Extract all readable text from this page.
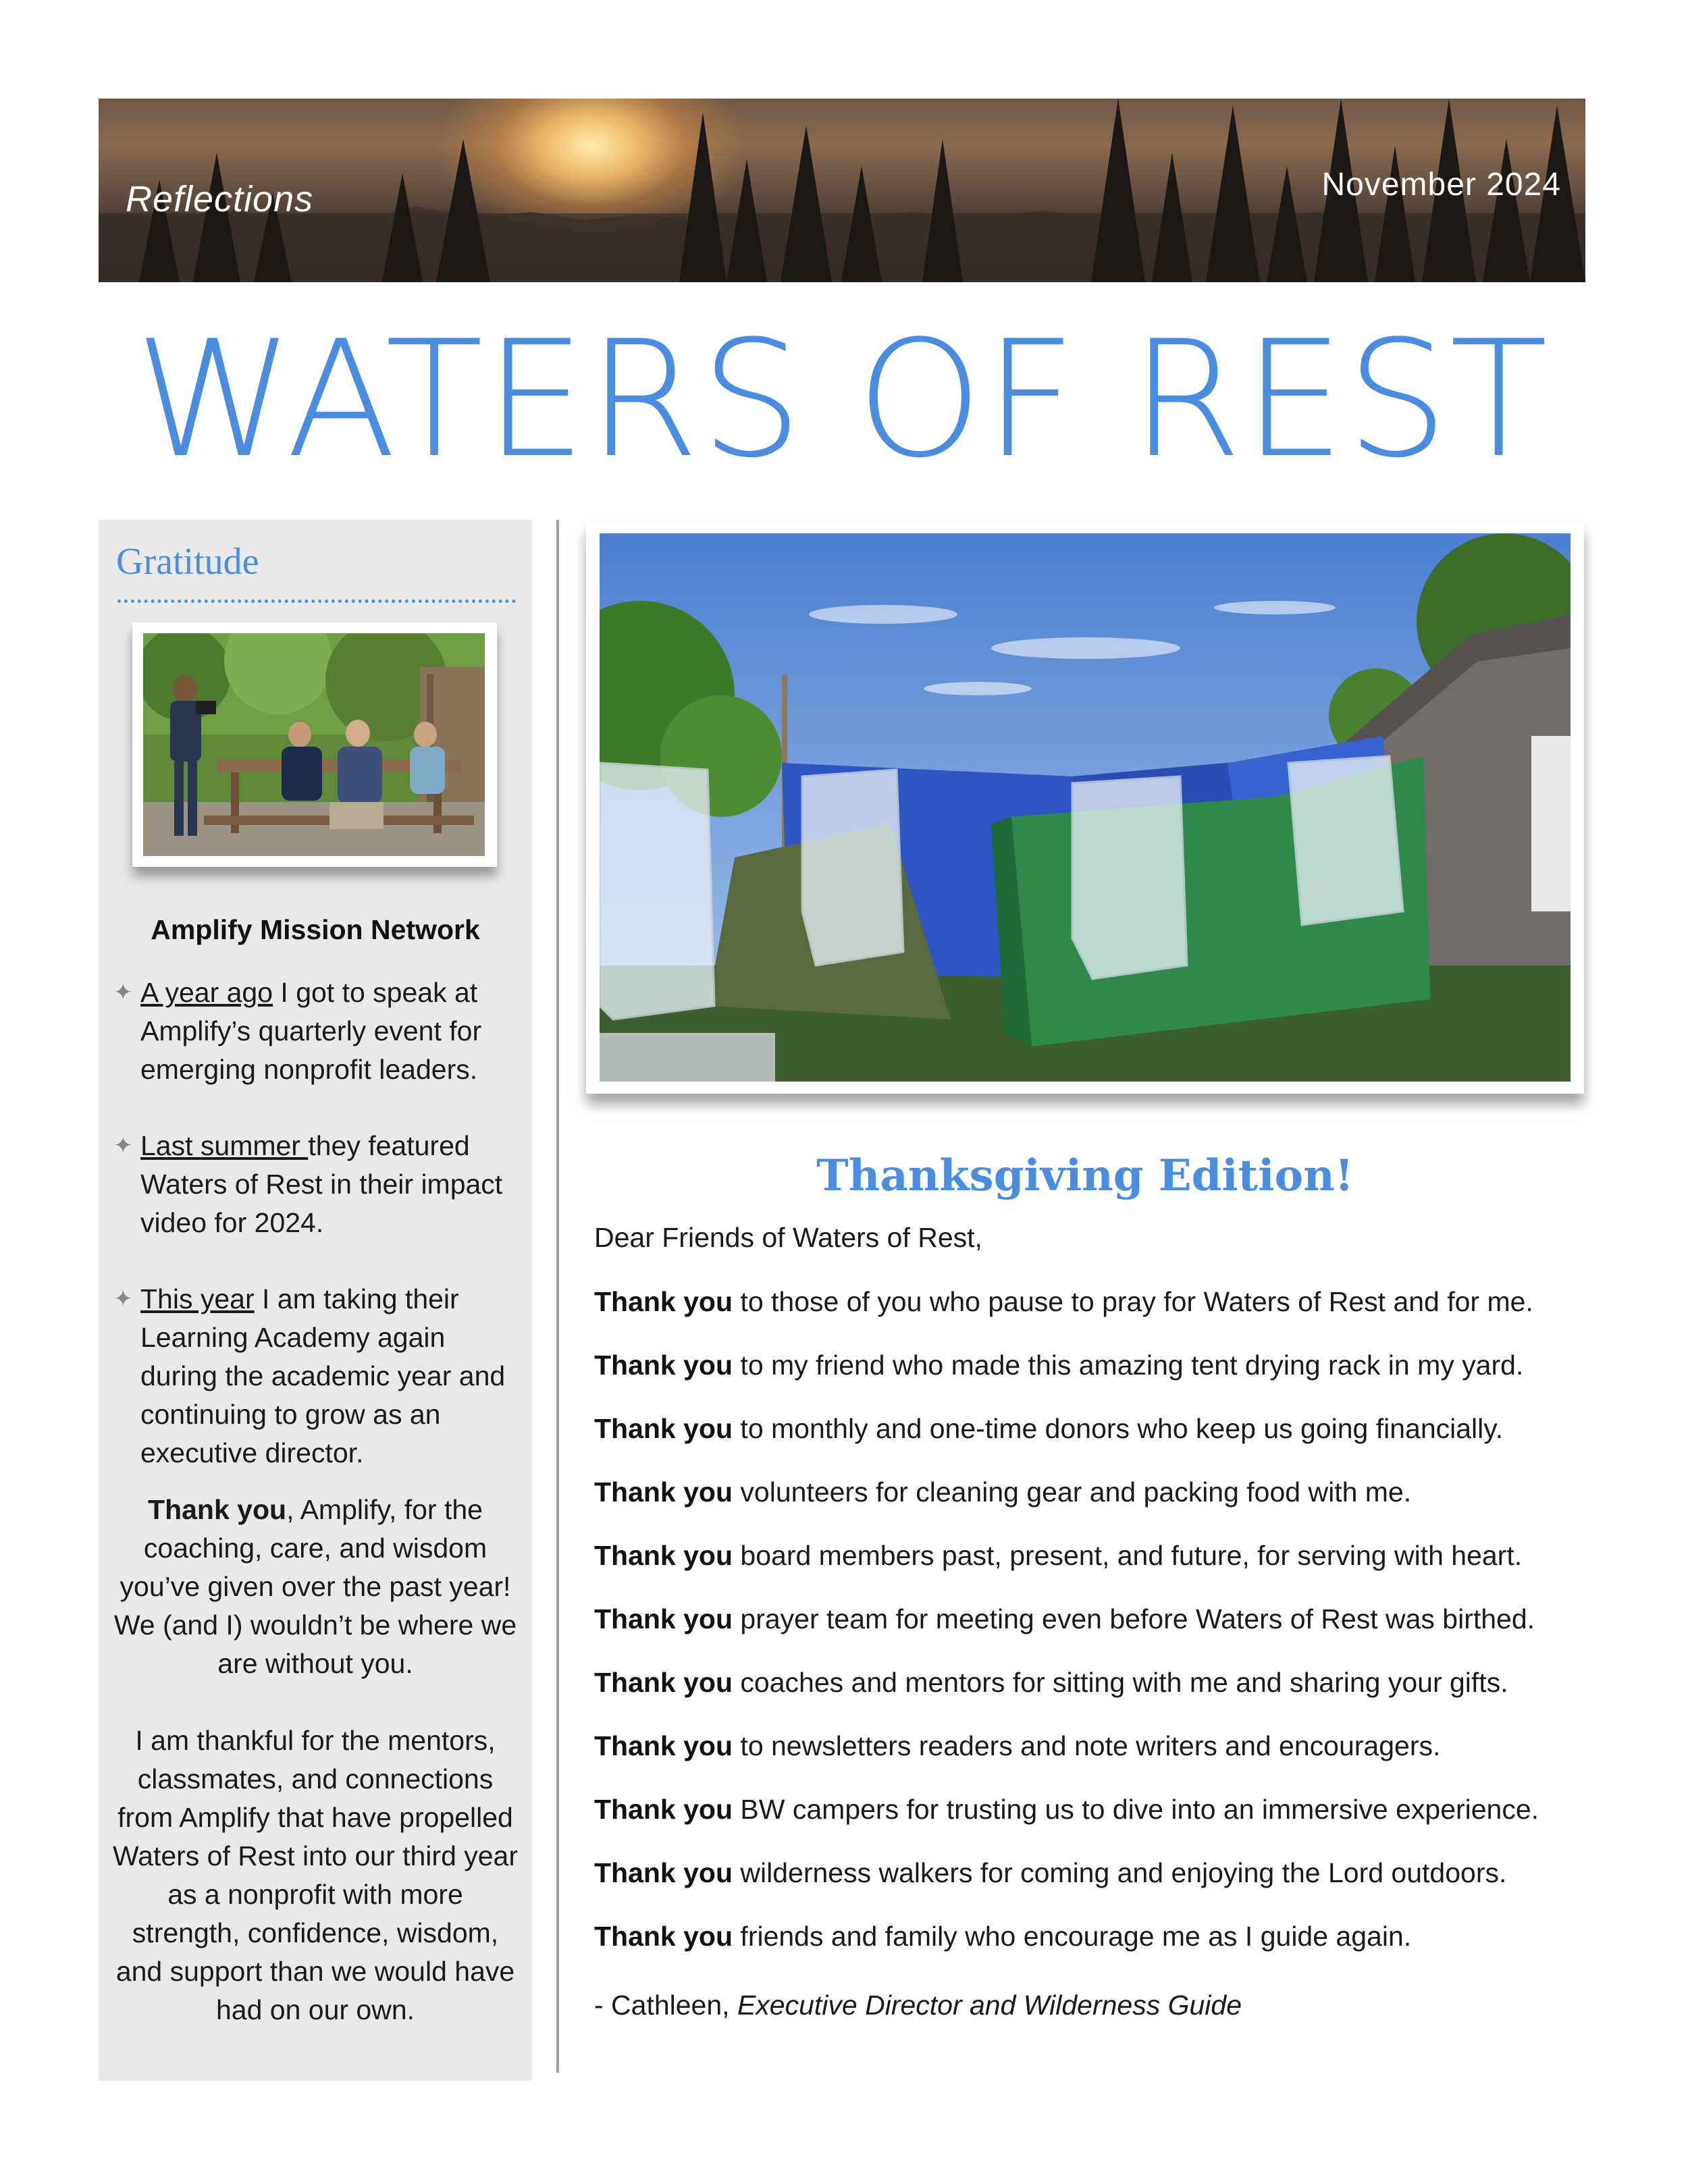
Reflections	November 2024
WATERS OF REST
Gratitude
Amplify Mission Network
✦ A year ago I got to speak at Amplify’s quarterly event for emerging nonprofit leaders.
✦ Last summer they featured Waters of Rest in their impact video for 2024.
✦ This year I am taking their Learning Academy again during the academic year and continuing to grow as an executive director.
Thank you, Amplify, for the coaching, care, and wisdom you’ve given over the past year! We (and I) wouldn’t be where we are without you.
I am thankful for the mentors, classmates, and connections from Amplify that have propelled Waters of Rest into our third year as a nonprofit with more strength, confidence, wisdom, and support than we would have had on our own.
Thanksgiving Edition!
Dear Friends of Waters of Rest,
Thank you to those of you who pause to pray for Waters of Rest and for me.
Thank you to my friend who made this amazing tent drying rack in my yard.
Thank you to monthly and one-time donors who keep us going financially.
Thank you volunteers for cleaning gear and packing food with me.
Thank you board members past, present, and future, for serving with heart.
Thank you prayer team for meeting even before Waters of Rest was birthed.
Thank you coaches and mentors for sitting with me and sharing your gifts.
Thank you to newsletters readers and note writers and encouragers.
Thank you BW campers for trusting us to dive into an immersive experience.
Thank you wilderness walkers for coming and enjoying the Lord outdoors.
Thank you friends and family who encourage me as I guide again.
- Cathleen, Executive Director and Wilderness Guide
